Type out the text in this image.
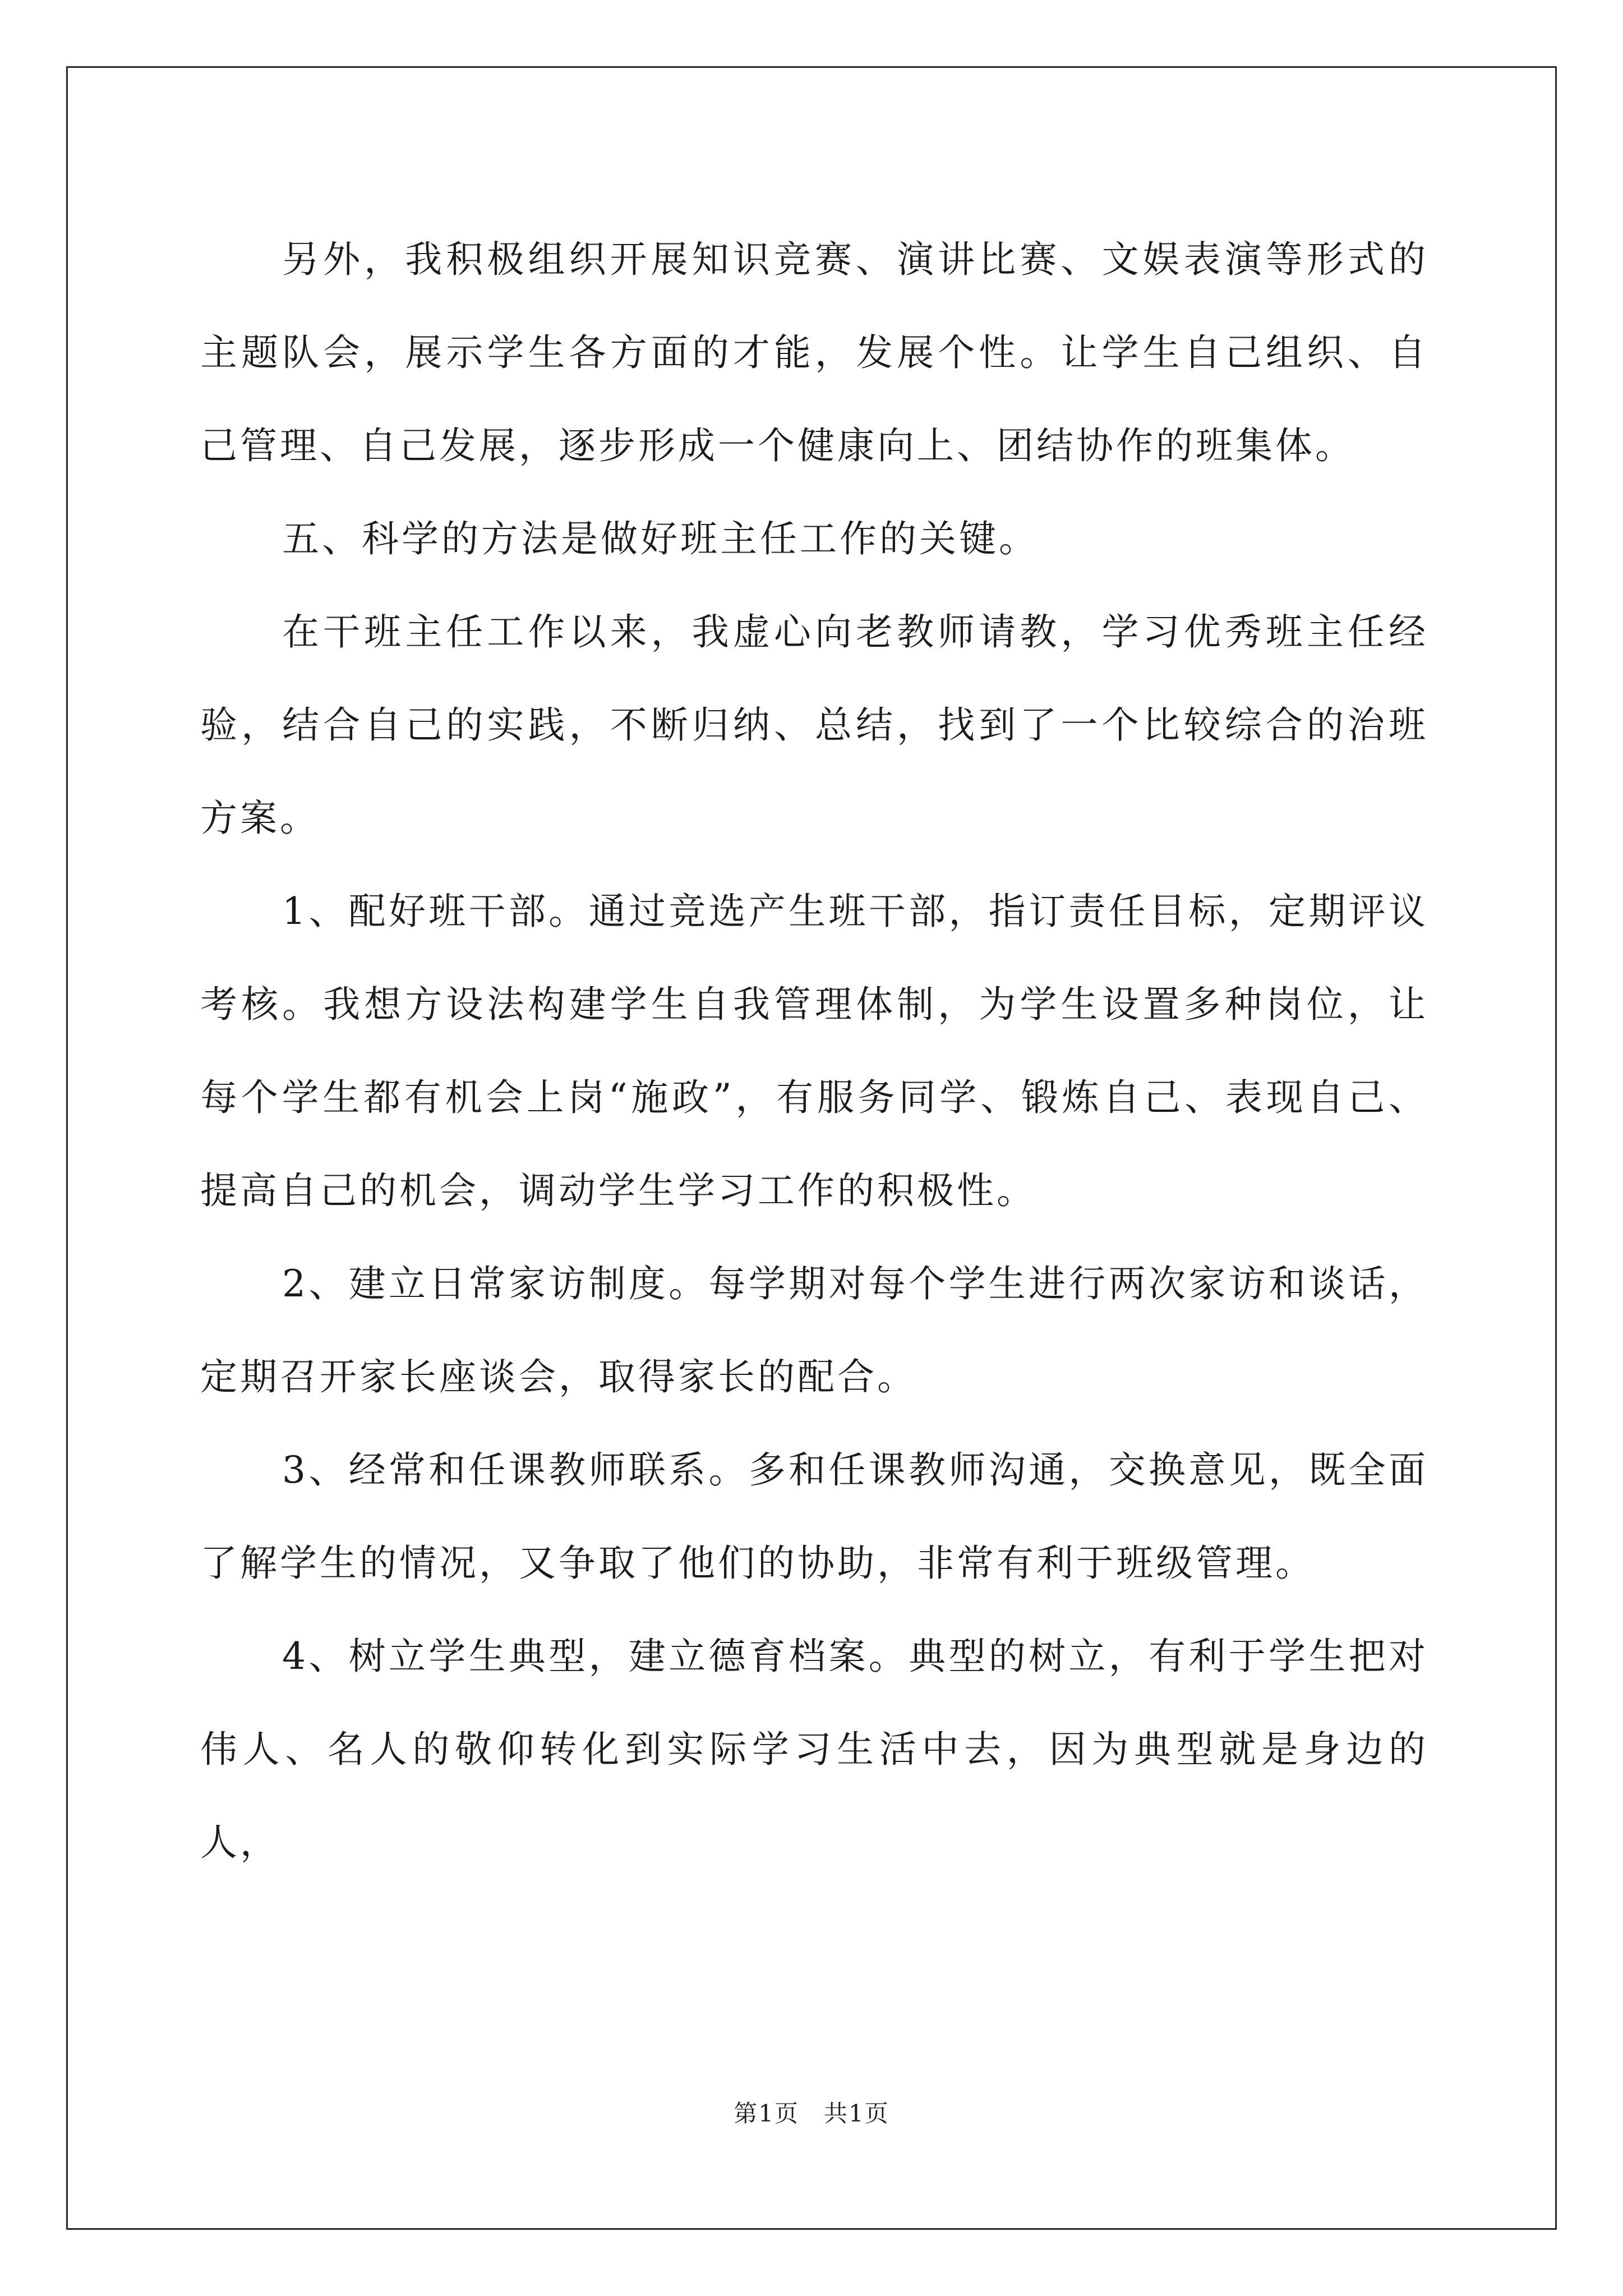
另外，我积极组织开展知识竞赛、演讲比赛、文娱表演等形式的主题队会，展示学生各方面的才能，发展个性。让学生自己组织、自己管理、自己发展，逐步形成一个健康向上、团结协作的班集体。

五、科学的方法是做好班主任工作的关键。

在干班主任工作以来，我虚心向老教师请教，学习优秀班主任经验，结合自己的实践，不断归纳、总结，找到了一个比较综合的治班方案。

1、配好班干部。通过竞选产生班干部，指订责任目标，定期评议考核。我想方设法构建学生自我管理体制，为学生设置多种岗位，让每个学生都有机会上岗“施政”，有服务同学、锻炼自己、表现自己、提高自己的机会，调动学生学习工作的积极性。

2、建立日常家访制度。每学期对每个学生进行两次家访和谈话，定期召开家长座谈会，取得家长的配合。

3、经常和任课教师联系。多和任课教师沟通，交换意见，既全面了解学生的情况，又争取了他们的协助，非常有利于班级管理。

4、树立学生典型，建立德育档案。典型的树立，有利于学生把对伟人、名人的敬仰转化到实际学习生活中去，因为典型就是身边的人，

第1页　共1页
